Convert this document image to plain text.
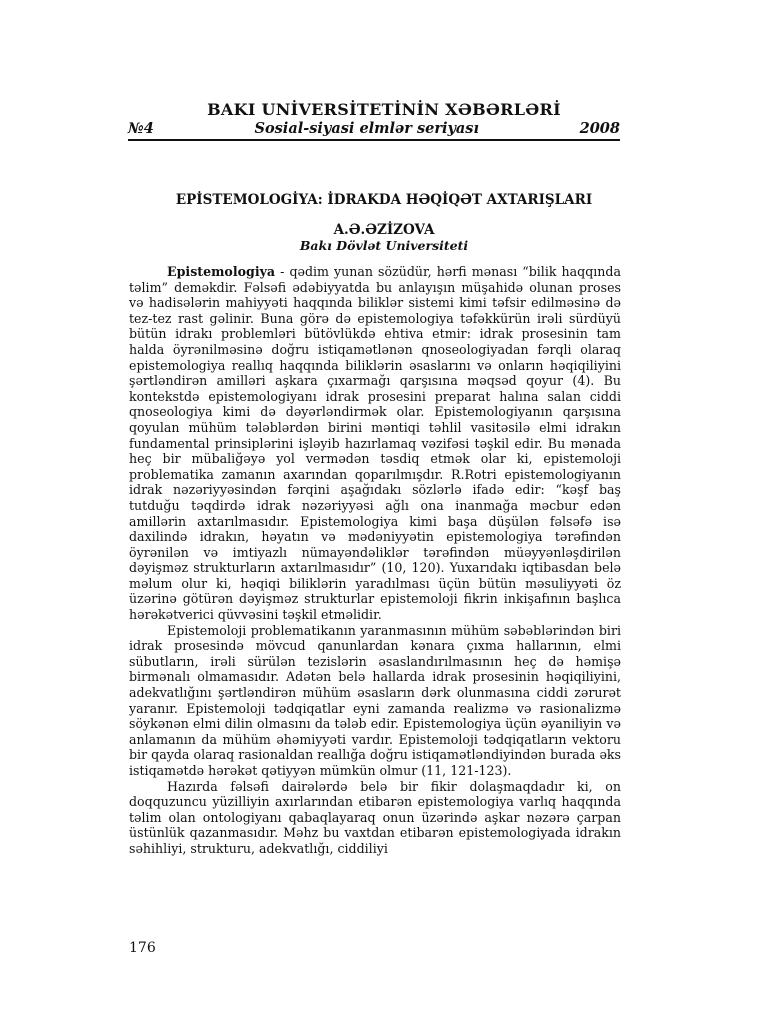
BAKI UNİVERSİTETİNİN XƏBƏRLƏRİ
№4	Sosial-siyasi elmlər seriyası	2008
EPİSTEMOLOGİYA: İDRAKDA HƏQİQƏT AXTARIŞLARI
A.Ə.ƏZİZOVA
Bakı Dövlət Universiteti

Epistemologiya - qədim yunan sözüdür, hərfi mənası “bilik haqqında təlim” deməkdir. Fəlsəfi ədəbiyyatda bu anlayışın müşahidə olunan proses və hadisələrin mahiyyəti haqqında biliklər sistemi kimi təfsir edilməsinə də tez-tez rast gəlinir. Buna görə də epistemologiya təfəkkürün irəli sürdüyü bütün idrakı problemləri bütövlükdə ehtiva etmir: idrak prosesinin tam halda öyrənilməsinə doğru istiqamətlənən qnoseologiyadan fərqli olaraq epistemologiya reallıq haqqında biliklərin əsaslarını və onların həqiqiliyini şərtləndirən amilləri aşkara çıxarmağı qarşısına məqsəd qoyur (4). Bu kontekstdə epistemologiyanı idrak prosesini preparat halına salan ciddi qnoseologiya kimi də dəyərləndirmək olar. Epistemologiyanın qarşısına qoyulan mühüm tələblərdən birini məntiqi təhlil vasitəsilə elmi idrakın fundamental prinsiplərini işləyib hazırlamaq vəzifəsi təşkil edir. Bu mənada heç bir mübaliğəyə yol vermədən təsdiq etmək olar ki, epistemoloji problematika zamanın axarından qoparılmışdır. R.Rotri epistemologiyanın idrak nəzəriyyəsindən fərqini aşağıdakı sözlərlə ifadə edir: “kəşf baş tutduğu təqdirdə idrak nəzəriyyəsi ağlı ona inanmağa məcbur edən amillərin axtarılmasıdır. Epistemologiya kimi başa düşülən fəlsəfə isə daxilində idrakın, həyatın və mədəniyyətin epistemologiya tərəfindən öyrənilən və imtiyazlı nümayəndəliklər tərəfindən müəyyənləşdirilən dəyişməz strukturların axtarılmasıdır” (10, 120). Yuxarıdakı iqtibasdan belə məlum olur ki, həqiqi biliklərin yaradılması üçün bütün məsuliyyəti öz üzərinə götürən dəyişməz strukturlar epistemoloji fikrin inkişafının başlıca hərəkətverici qüvvəsini təşkil etməlidir.

Epistemoloji problematikanın yaranmasının mühüm səbəblərindən biri idrak prosesində mövcud qanunlardan kənara çıxma hallarının, elmi sübutların, irəli sürülən tezislərin əsaslandırılmasının heç də həmişə birmənalı olmamasıdır. Adətən belə hallarda idrak prosesinin həqiqiliyini, adekvatlığını şərtləndirən mühüm əsasların dərk olunmasına ciddi zərurət yaranır. Epistemoloji tədqiqatlar eyni zamanda realizmə və rasionalizmə söykənən elmi dilin olmasını da tələb edir. Epistemologiya üçün əyaniliyin və anlamanın da mühüm əhəmiyyəti vardır. Epistemoloji tədqiqatların vektoru bir qayda olaraq rasionaldan reallığa doğru istiqamətləndiyindən burada əks istiqamətdə hərəkət qətiyyən mümkün olmur (11, 121-123).

Hazırda fəlsəfi dairələrdə belə bir fikir dolaşmaqdadır ki, on doqquzuncu yüzilliyin axırlarından etibarən epistemologiya varlıq haqqında təlim olan ontologiyanı qabaqlayaraq onun üzərində aşkar nəzərə çarpan üstünlük qazanmasıdır. Məhz bu vaxtdan etibarən epistemologiyada idrakın səhihliyi, strukturu, adekvatlığı, ciddiliyi

176
